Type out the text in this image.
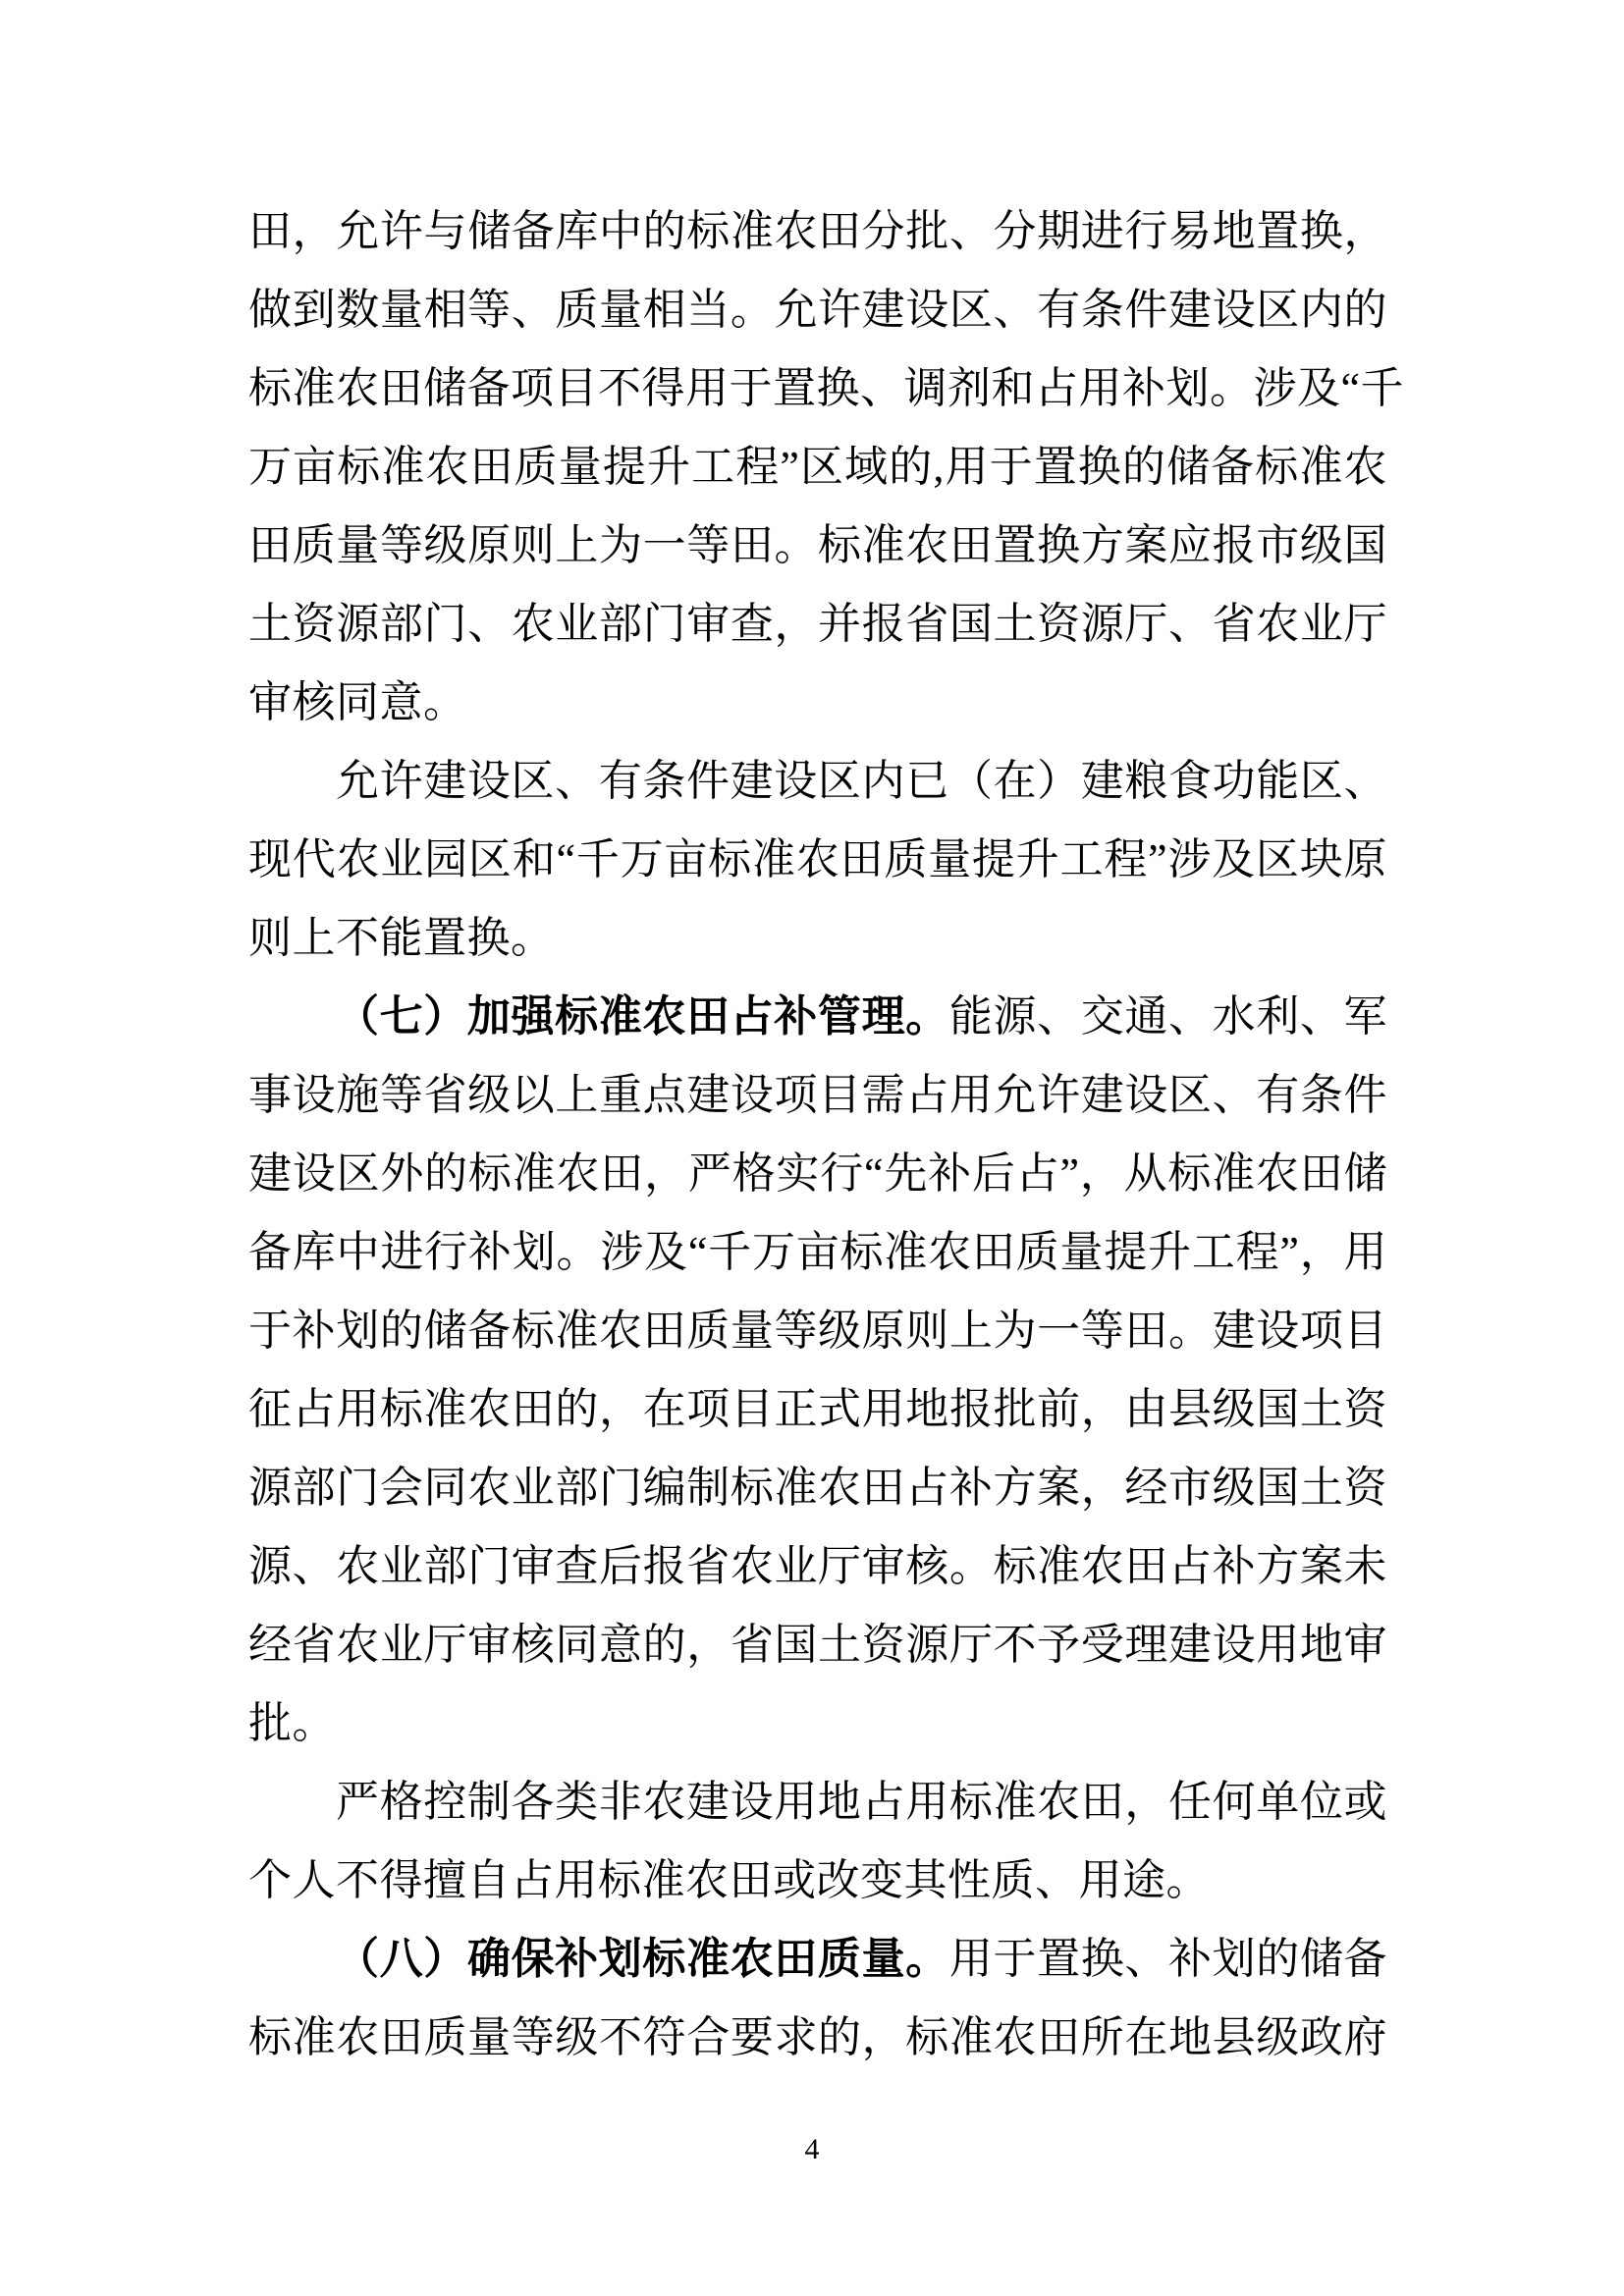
田，允许与储备库中的标准农田分批、分期进行易地置换，
做到数量相等、质量相当。允许建设区、有条件建设区内的
标准农田储备项目不得用于置换、调剂和占用补划。涉及“千
万亩标准农田质量提升工程”区域的,用于置换的储备标准农
田质量等级原则上为一等田。标准农田置换方案应报市级国
土资源部门、农业部门审查，并报省国土资源厅、省农业厅
审核同意。
允许建设区、有条件建设区内已（在）建粮食功能区、
现代农业园区和“千万亩标准农田质量提升工程”涉及区块原
则上不能置换。
（七）加强标准农田占补管理。能源、交通、水利、军
事设施等省级以上重点建设项目需占用允许建设区、有条件
建设区外的标准农田，严格实行“先补后占”，从标准农田储
备库中进行补划。涉及“千万亩标准农田质量提升工程”，用
于补划的储备标准农田质量等级原则上为一等田。建设项目
征占用标准农田的，在项目正式用地报批前，由县级国土资
源部门会同农业部门编制标准农田占补方案，经市级国土资
源、农业部门审查后报省农业厅审核。标准农田占补方案未
经省农业厅审核同意的，省国土资源厅不予受理建设用地审
批。
严格控制各类非农建设用地占用标准农田，任何单位或
个人不得擅自占用标准农田或改变其性质、用途。
（八）确保补划标准农田质量。用于置换、补划的储备
标准农田质量等级不符合要求的，标准农田所在地县级政府
4
